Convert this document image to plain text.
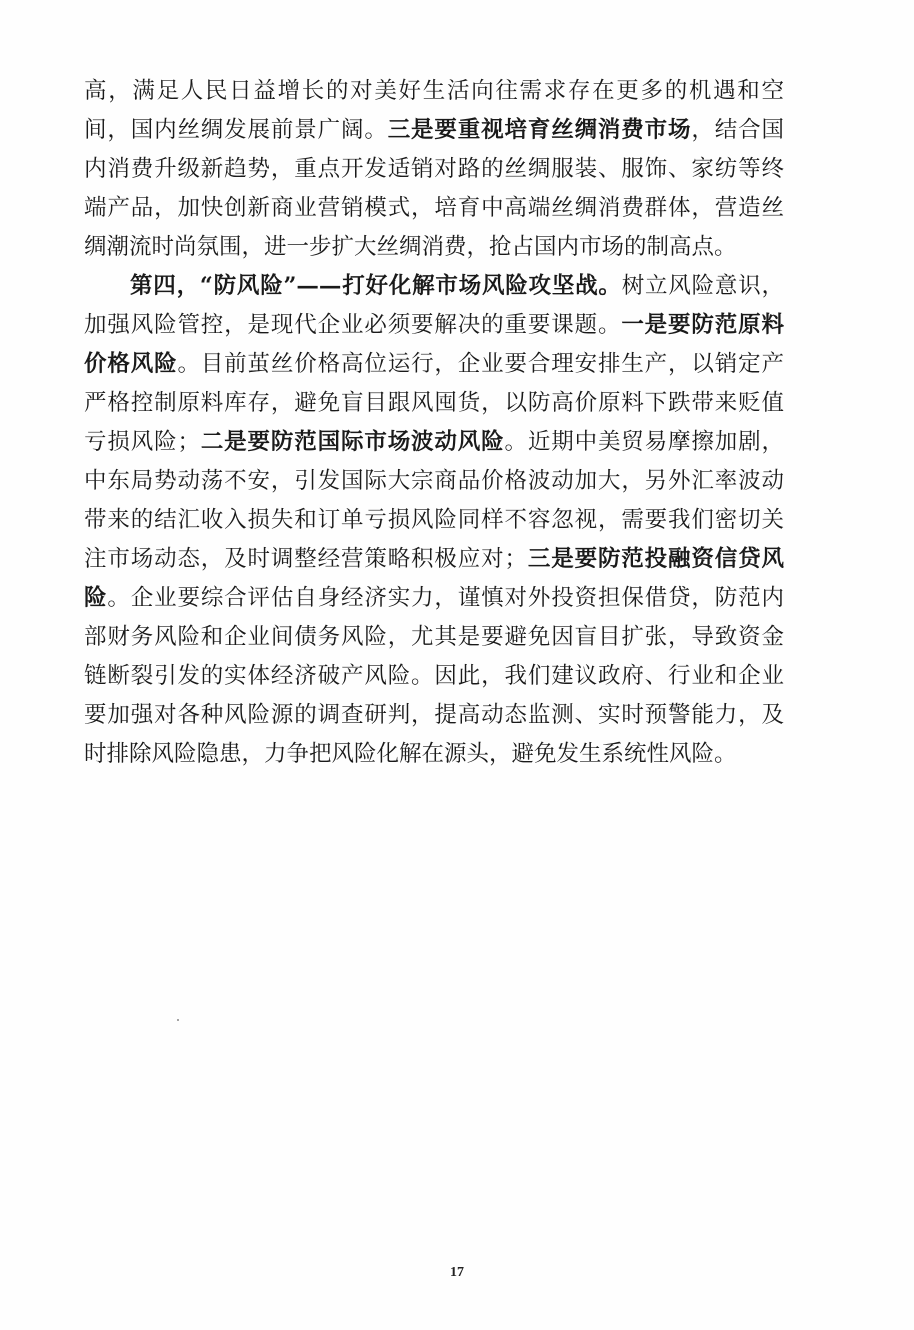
高，满足人民日益增长的对美好生活向往需求存在更多的机遇和空
间，国内丝绸发展前景广阔。三是要重视培育丝绸消费市场，结合国
内消费升级新趋势，重点开发适销对路的丝绸服装、服饰、家纺等终
端产品，加快创新商业营销模式，培育中高端丝绸消费群体，营造丝
绸潮流时尚氛围，进一步扩大丝绸消费，抢占国内市场的制高点。
第四，“防风险”——打好化解市场风险攻坚战。树立风险意识，
加强风险管控，是现代企业必须要解决的重要课题。一是要防范原料
价格风险。目前茧丝价格高位运行，企业要合理安排生产，以销定产
严格控制原料库存，避免盲目跟风囤货，以防高价原料下跌带来贬值
亏损风险；二是要防范国际市场波动风险。近期中美贸易摩擦加剧，
中东局势动荡不安，引发国际大宗商品价格波动加大，另外汇率波动
带来的结汇收入损失和订单亏损风险同样不容忽视，需要我们密切关
注市场动态，及时调整经营策略积极应对；三是要防范投融资信贷风
险。企业要综合评估自身经济实力，谨慎对外投资担保借贷，防范内
部财务风险和企业间债务风险，尤其是要避免因盲目扩张，导致资金
链断裂引发的实体经济破产风险。因此，我们建议政府、行业和企业
要加强对各种风险源的调查研判，提高动态监测、实时预警能力，及
时排除风险隐患，力争把风险化解在源头，避免发生系统性风险。
17
